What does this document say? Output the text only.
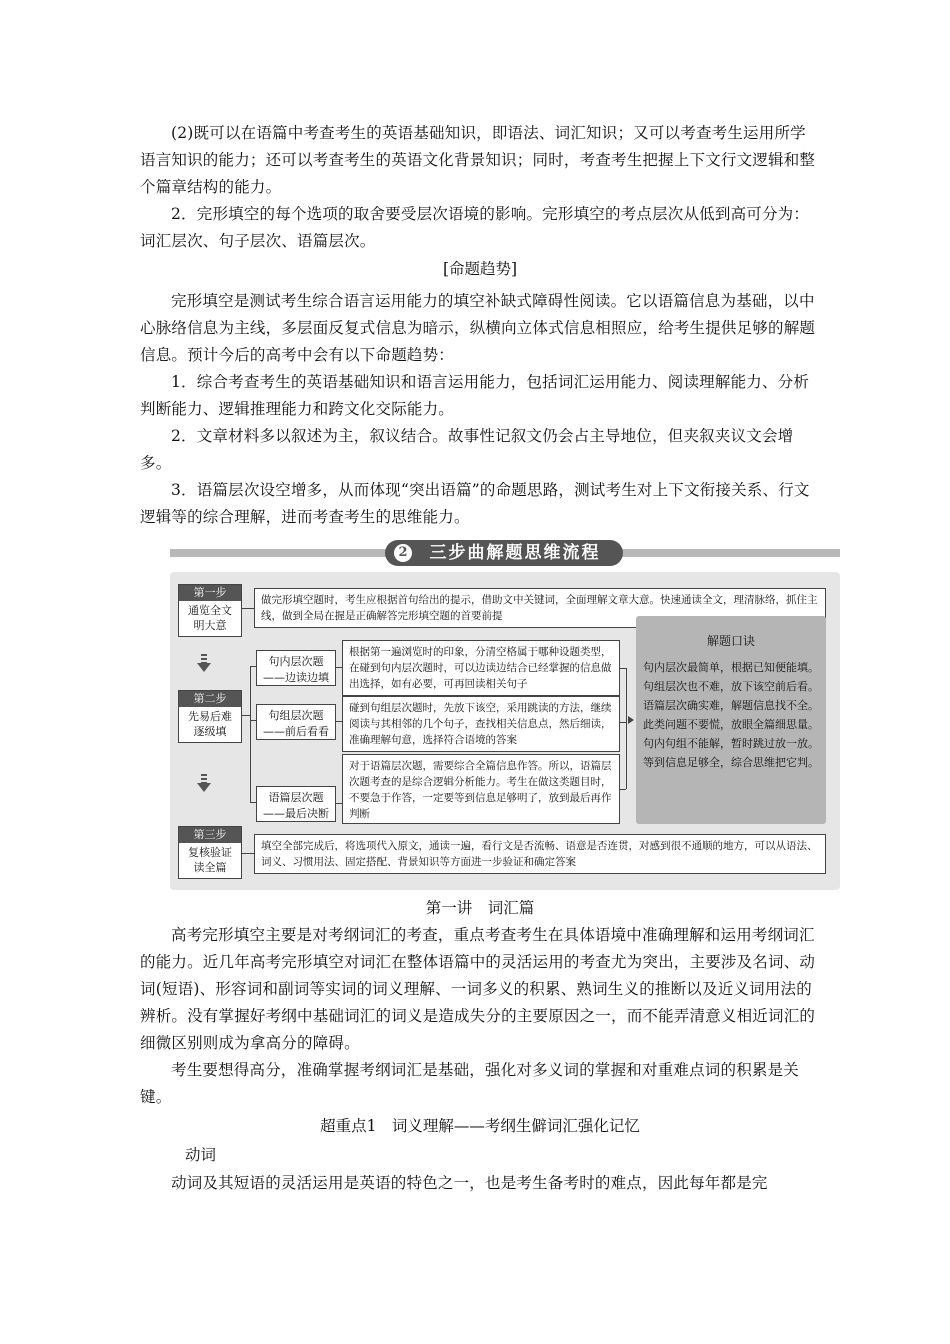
(2)既可以在语篇中考查考生的英语基础知识，即语法、词汇知识；又可以考查考生运用所学语言知识的能力；还可以考查考生的英语文化背景知识；同时，考查考生把握上下文行文逻辑和整个篇章结构的能力。

2．完形填空的每个选项的取舍要受层次语境的影响。完形填空的考点层次从低到高可分为：词汇层次、句子层次、语篇层次。

[命题趋势]

完形填空是测试考生综合语言运用能力的填空补缺式障碍性阅读。它以语篇信息为基础，以中心脉络信息为主线，多层面反复式信息为暗示，纵横向立体式信息相照应，给考生提供足够的解题信息。预计今后的高考中会有以下命题趋势：

1．综合考查考生的英语基础知识和语言运用能力，包括词汇运用能力、阅读理解能力、分析判断能力、逻辑推理能力和跨文化交际能力。

2．文章材料多以叙述为主，叙议结合。故事性记叙文仍会占主导地位，但夹叙夹议文会增多。

3．语篇层次设空增多，从而体现“突出语篇”的命题思路，测试考生对上下文衔接关系、行文逻辑等的综合理解，进而考查考生的思维能力。

三步曲解题思维流程
2
第一步
通览全文
明大意
做完形填空题时，考生应根据首句给出的提示，借助文中关键词，全面理解文章大意。快速通读全文，理清脉络，抓住主线，做到全局在握是正确解答完形填空题的首要前提
第二步
先易后难
逐级填
句内层次题
——边读边填
根据第一遍浏览时的印象，分清空格属于哪种设题类型，在碰到句内层次题时，可以边读边结合已经掌握的信息做出选择，如有必要，可再回读相关句子
句组层次题
——前后看看
碰到句组层次题时，先放下该空，采用跳读的方法，继续阅读与其相邻的几个句子，查找相关信息点，然后细读，准确理解句意，选择符合语境的答案
语篇层次题
——最后决断
对于语篇层次题，需要综合全篇信息作答。所以，语篇层次题考查的是综合逻辑分析能力。考生在做这类题目时，不要急于作答，一定要等到信息足够明了，放到最后再作判断
解题口诀
句内层次最简单，根据已知便能填。
句组层次也不难，放下该空前后看。
语篇层次确实难，解题信息找不全。
此类问题不要慌，放眼全篇细思量。
句内句组不能解，暂时跳过放一放。
等到信息足够全，综合思维把它判。
第三步
复核验证
读全篇
填空全部完成后，将选项代入原文，通读一遍，看行文是否流畅、语意是否连贯，对感到很不通顺的地方，可以从语法、词义、习惯用法、固定搭配、背景知识等方面进一步验证和确定答案

第一讲　词汇篇

高考完形填空主要是对考纲词汇的考查，重点考查考生在具体语境中准确理解和运用考纲词汇的能力。近几年高考完形填空对词汇在整体语篇中的灵活运用的考查尤为突出，主要涉及名词、动词(短语)、形容词和副词等实词的词义理解、一词多义的积累、熟词生义的推断以及近义词用法的辨析。没有掌握好考纲中基础词汇的词义是造成失分的主要原因之一，而不能弄清意义相近词汇的细微区别则成为拿高分的障碍。

考生要想得高分，准确掌握考纲词汇是基础，强化对多义词的掌握和对重难点词的积累是关键。

超重点1　词义理解——考纲生僻词汇强化记忆

动词

动词及其短语的灵活运用是英语的特色之一，也是考生备考时的难点，因此每年都是完
